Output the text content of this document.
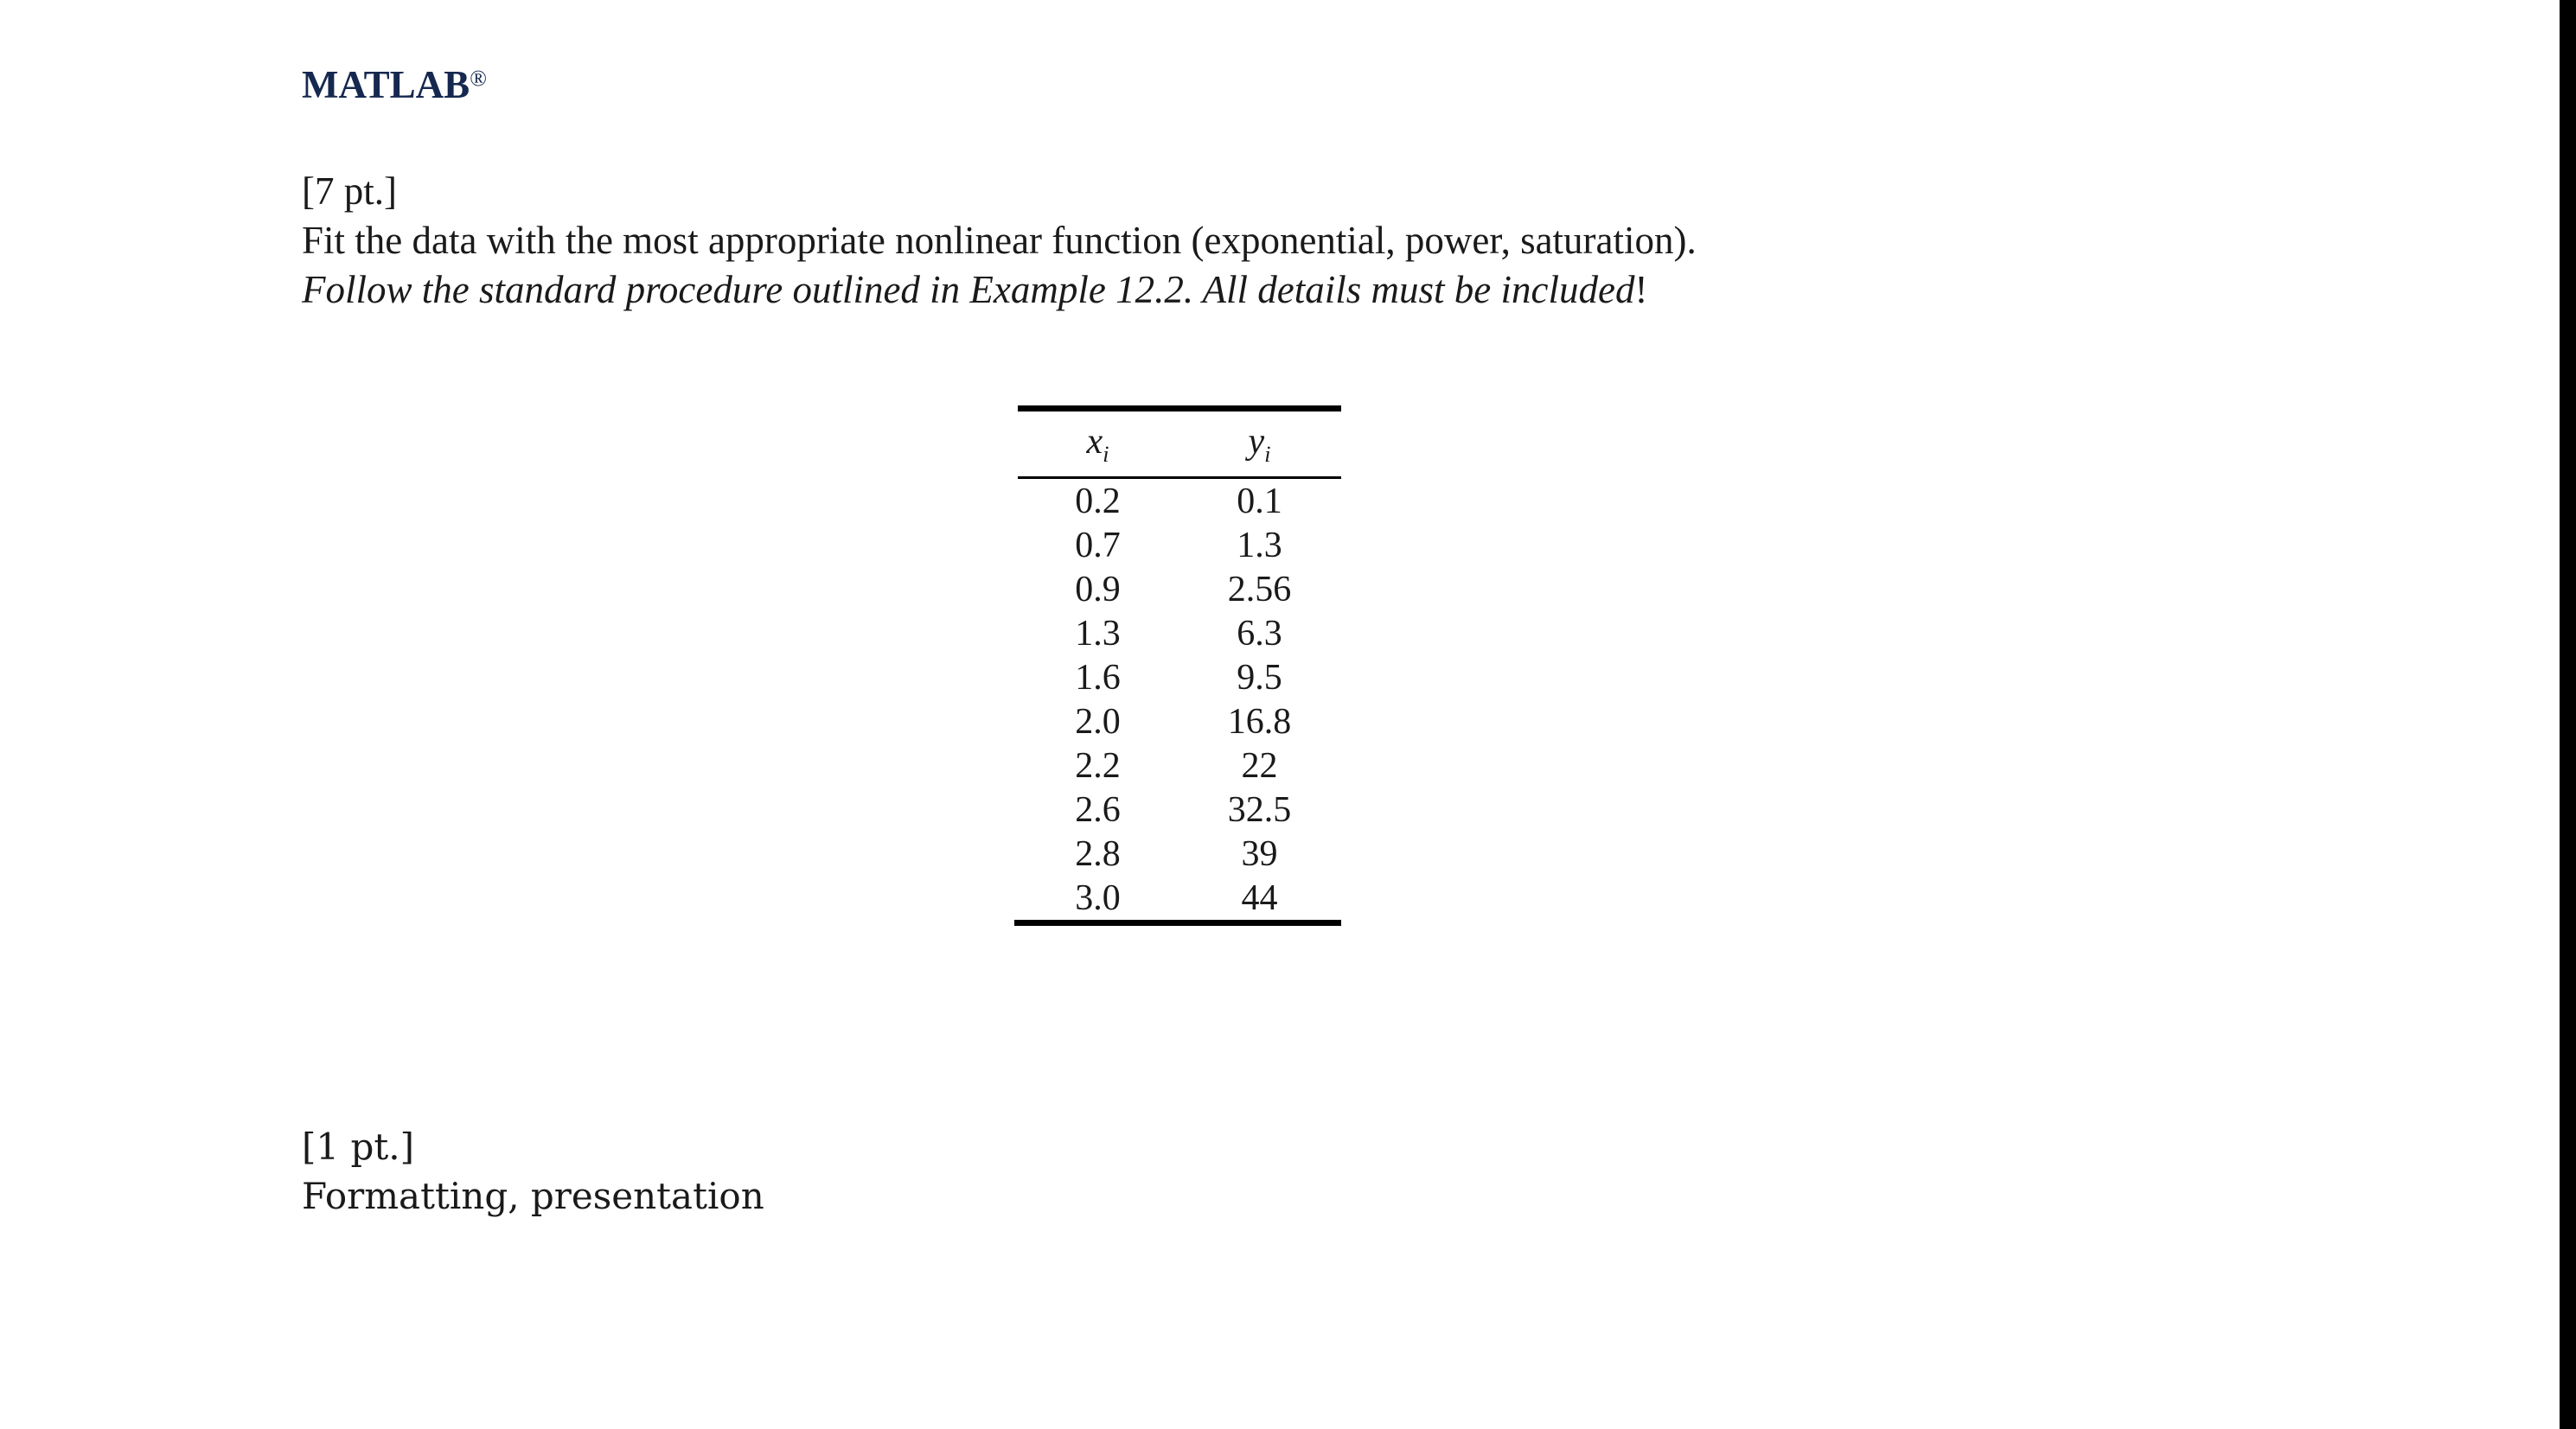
MATLAB®
[7 pt.]
Fit the data with the most appropriate nonlinear function (exponential, power, saturation).
Follow the standard procedure outlined in Example 12.2. All details must be included!
$x_i$	$y_i$
0.2	0.1
0.7	1.3
0.9	2.56
1.3	6.3
1.6	9.5
2.0	16.8
2.2	22
2.6	32.5
2.8	39
3.0	44
[1 pt.]
Formatting, presentation
